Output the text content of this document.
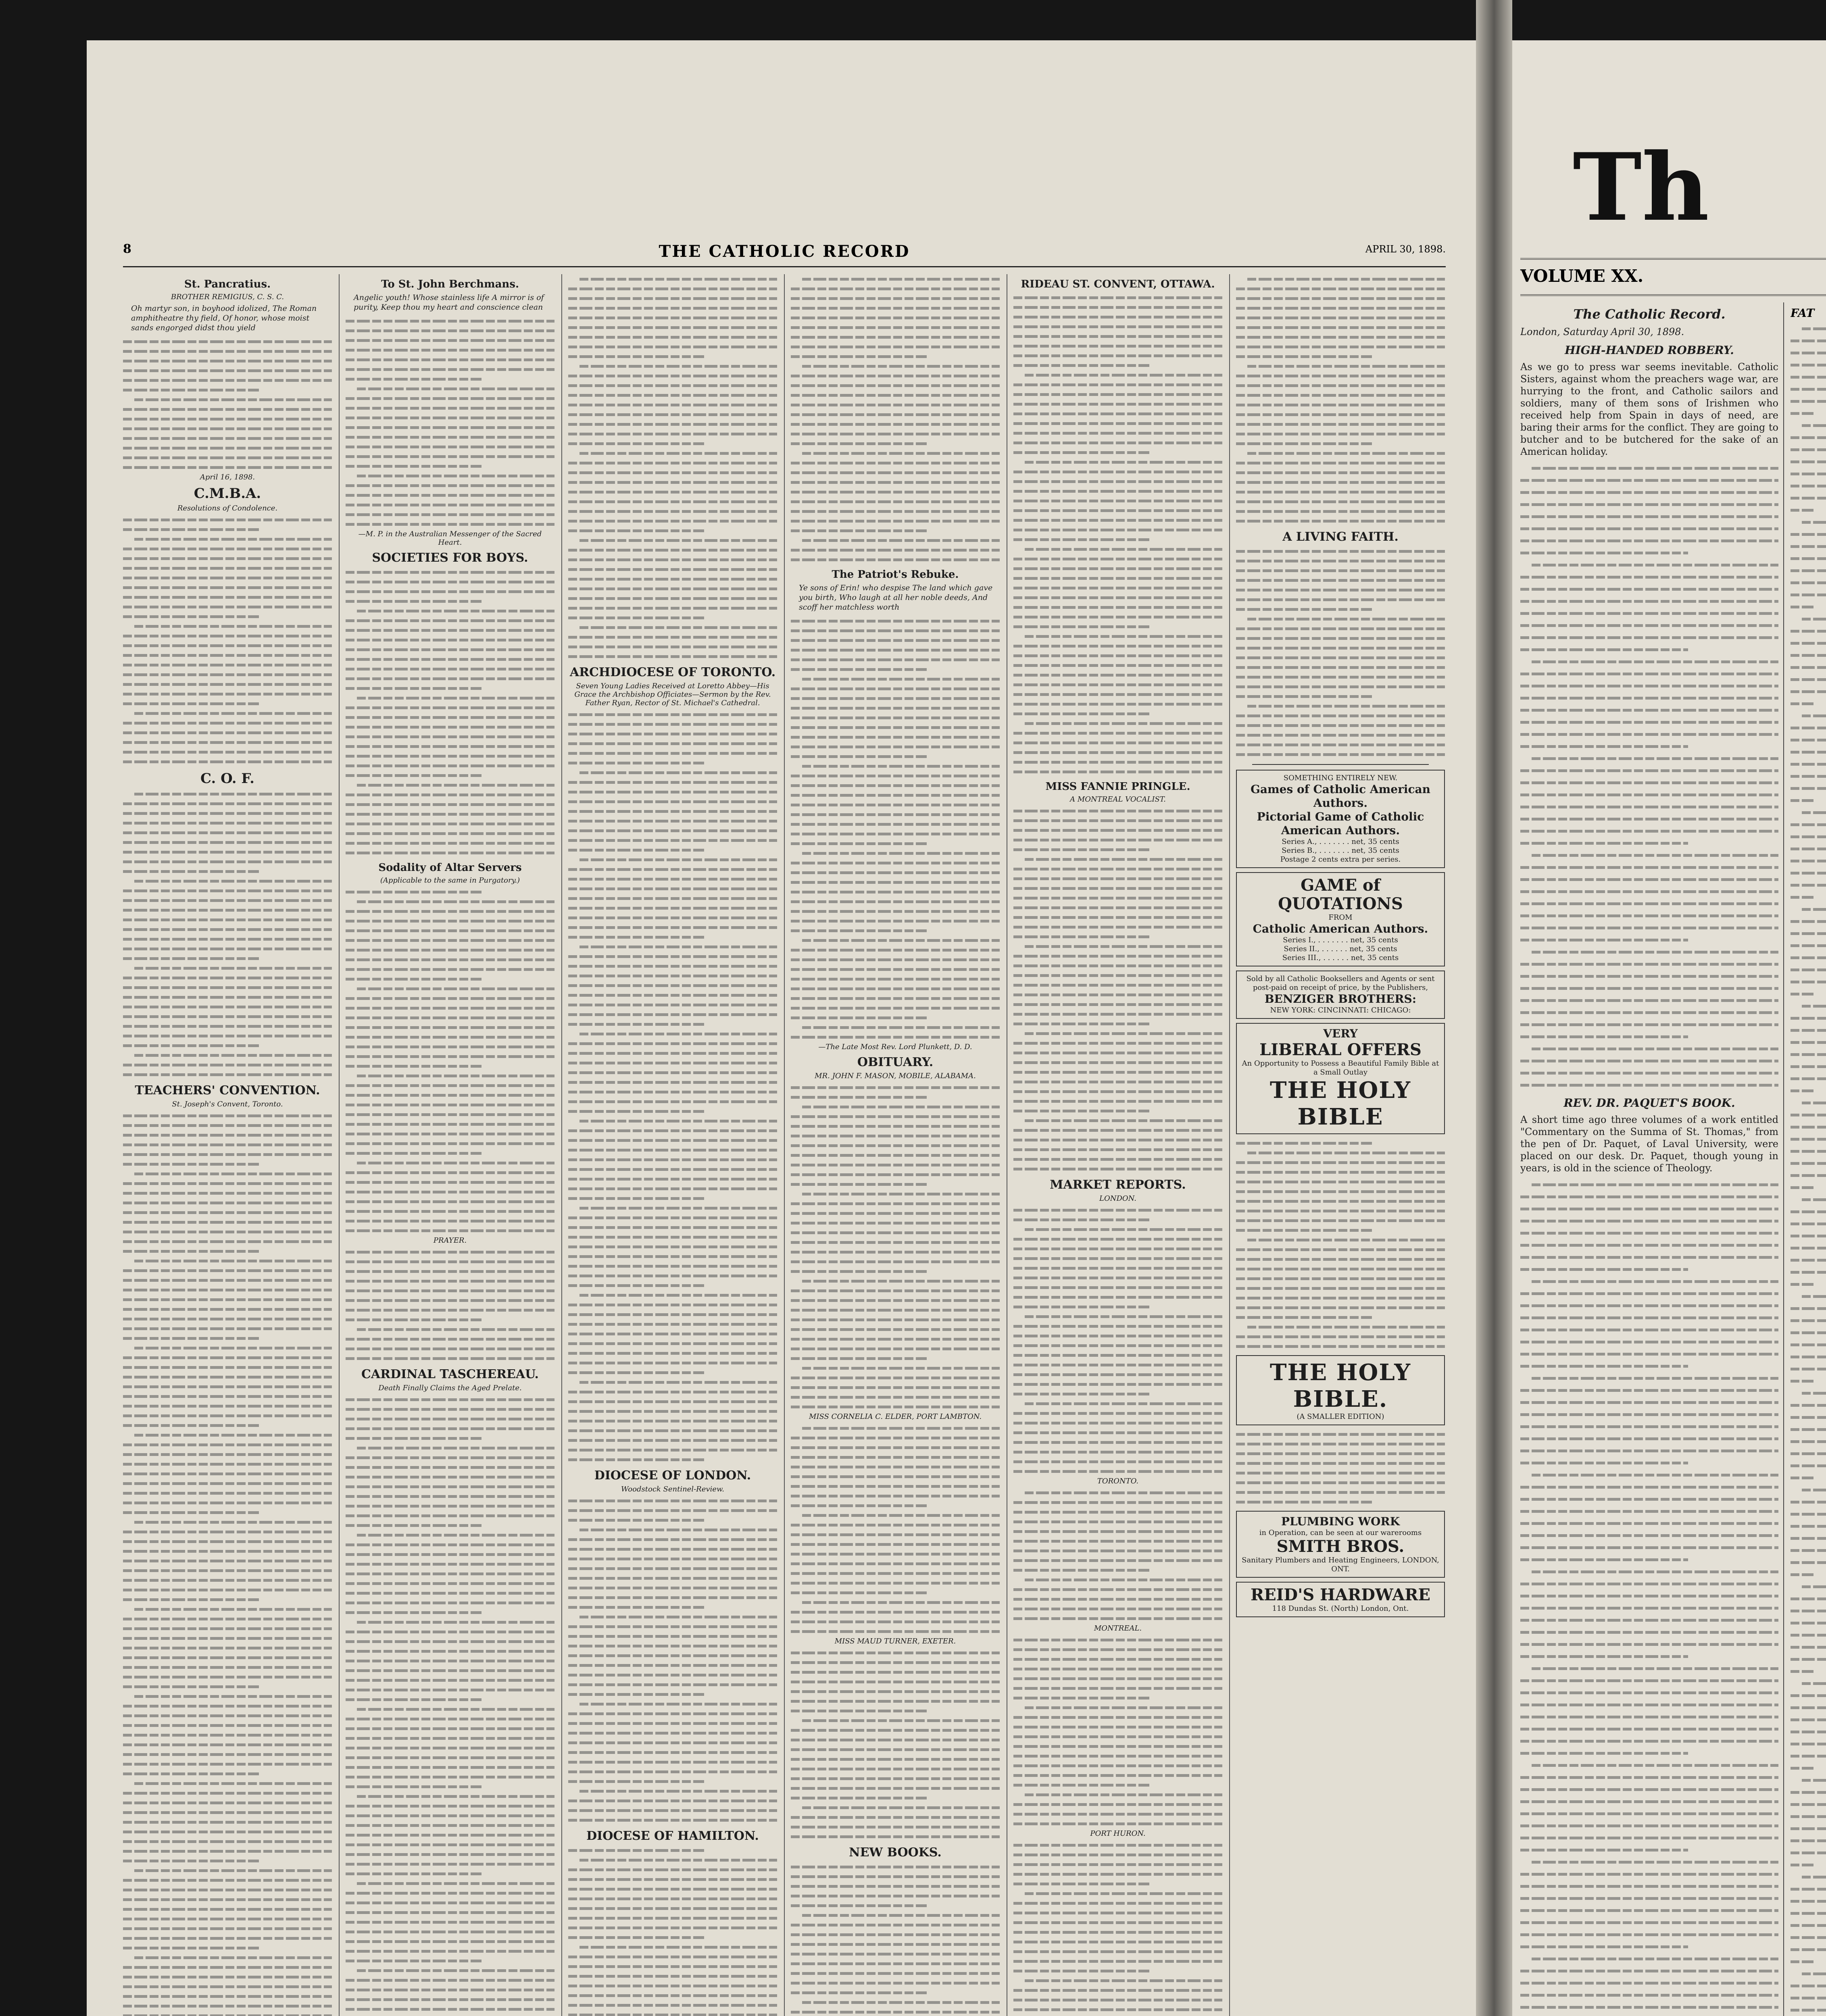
8	THE CATHOLIC RECORD	APRIL 30, 1898.
St. Pancratius.
BROTHER REMIGIUS, C. S. C.
Oh martyr son, in boyhood idolized, The Roman amphitheatre thy field, Of honor, whose moist sands engorged didst thou yield
April 16, 1898.
C.M.B.A.
Resolutions of Condolence.
C. O. F.
TEACHERS' CONVENTION.
St. Joseph's Convent, Toronto.
To St. John Berchmans.
Angelic youth! Whose stainless life A mirror is of purity, Keep thou my heart and conscience clean
—M. P. in the Australian Messenger of the Sacred Heart.
SOCIETIES FOR BOYS.
Sodality of Altar Servers
(Applicable to the same in Purgatory.)
PRAYER.
CARDINAL TASCHEREAU.
Death Finally Claims the Aged Prelate.
ARCHDIOCESE OF TORONTO.
Seven Young Ladies Received at Loretto Abbey—His Grace the Archbishop Officiates—Sermon by the Rev. Father Ryan, Rector of St. Michael's Cathedral.
DIOCESE OF LONDON.
Woodstock Sentinel-Review.
DIOCESE OF HAMILTON.
The Patriot's Rebuke.
Ye sons of Erin! who despise The land which gave you birth, Who laugh at all her noble deeds, And scoff her matchless worth
—The Late Most Rev. Lord Plunkett, D. D.
OBITUARY.
MR. JOHN F. MASON, MOBILE, ALABAMA.
MISS CORNELIA C. ELDER, PORT LAMBTON.
MISS MAUD TURNER, EXETER.
NEW BOOKS.
RIDEAU ST. CONVENT, OTTAWA.
MISS FANNIE PRINGLE.
A MONTREAL VOCALIST.
MARKET REPORTS.
LONDON.
TORONTO.
MONTREAL.
PORT HURON.
A LIVING FAITH.
SOMETHING ENTIRELY NEW.
Games of Catholic American Authors.
Pictorial Game of Catholic American Authors.
Series A., . . . . . . . net, 35 cents
Series B., . . . . . . . net, 35 cents
Postage 2 cents extra per series.
GAME of QUOTATIONS
FROM
Catholic American Authors.
Series I., . . . . . . . net, 35 cents
Series II., . . . . . . net, 35 cents
Series III., . . . . . . net, 35 cents
Sold by all Catholic Booksellers and Agents or sent post-paid on receipt of price, by the Publishers,
BENZIGER BROTHERS:
NEW YORK: CINCINNATI: CHICAGO:
VERY
LIBERAL OFFERS
An Opportunity to Possess a Beautiful Family Bible at a Small Outlay
THE HOLY BIBLE
THE HOLY BIBLE.
(A SMALLER EDITION)
PLUMBING WORK
in Operation, can be seen at our warerooms
SMITH BROS.
Sanitary Plumbers and Heating Engineers, LONDON, ONT.
REID'S HARDWARE
118 Dundas St. (North) London, Ont.
Th
VOLUME XX.
The Catholic Record.
London, Saturday April 30, 1898.
HIGH-HANDED ROBBERY.
As we go to press war seems inevitable. Catholic Sisters, against whom the preachers wage war, are hurrying to the front, and Catholic sailors and soldiers, many of them sons of Irishmen who received help from Spain in days of need, are baring their arms for the conflict. They are going to butcher and to be butchered for the sake of an American holiday.
REV. DR. PAQUET'S BOOK.
A short time ago three volumes of a work entitled "Commentary on the Summa of St. Thomas," from the pen of Dr. Paquet, of Laval University, were placed on our desk. Dr. Paquet, though young in years, is old in the science of Theology.
FAT
